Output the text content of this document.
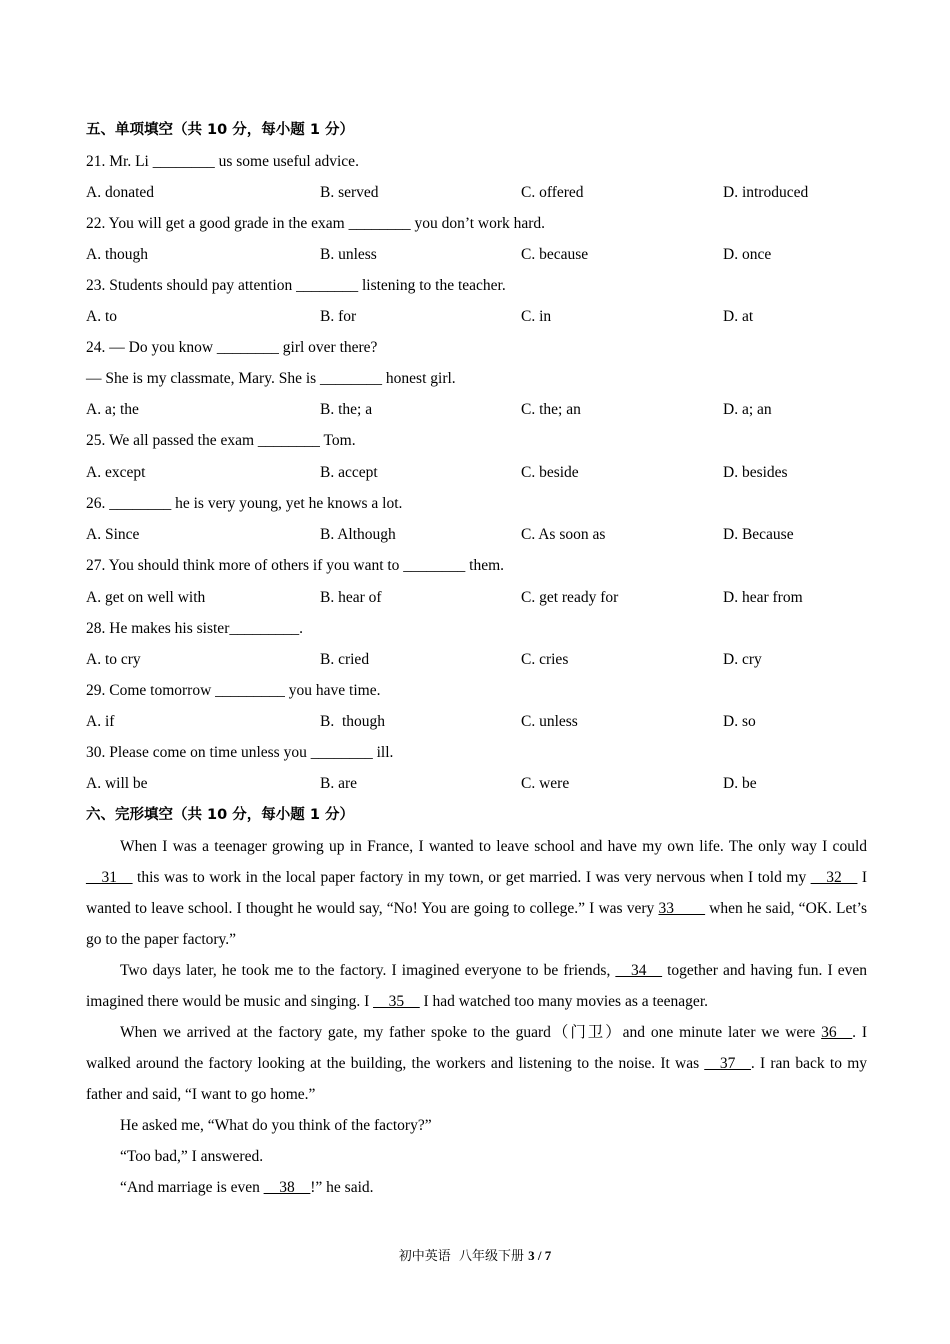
五、单项填空（共 10 分，每小题 1 分）
21. Mr. Li ________ us some useful advice.
A. donated	B. served	C. offered	D. introduced
22. You will get a good grade in the exam ________ you don’t work hard.
A. though	B. unless	C. because	D. once
23. Students should pay attention ________ listening to the teacher.
A. to	B. for	C. in	D. at
24. — Do you know ________ girl over there?
— She is my classmate, Mary. She is ________ honest girl.
A. a; the	B. the; a	C. the; an	D. a; an
25. We all passed the exam ________ Tom.
A. except	B. accept	C. beside	D. besides
26. ________ he is very young, yet he knows a lot.
A. Since	B. Although	C. As soon as	D. Because
27. You should think more of others if you want to ________ them.
A. get on well with	B. hear of	C. get ready for	D. hear from
28. He makes his sister_________.
A. to cry	B. cried	C. cries	D. cry
29. Come tomorrow _________ you have time.
A. if	B.  though	C. unless	D. so
30. Please come on time unless you ________ ill.
A. will be	B. are	C. were	D. be
六、完形填空（共 10 分，每小题 1 分）
When I was a teenager growing up in France, I wanted to leave school and have my own life. The only way I could __31__ this was to work in the local paper factory in my town, or get married. I was very nervous when I told my __32__ I wanted to leave school. I thought he would say, “No! You are going to college.” I was very 33____ when he said, “OK. Let’s go to the paper factory.”
Two days later, he took me to the factory. I imagined everyone to be friends, __34__ together and having fun. I even imagined there would be music and singing. I __35__ I had watched too many movies as a teenager.
When we arrived at the factory gate, my father spoke to the guard（门卫）and one minute later we were 36__. I walked around the factory looking at the building, the workers and listening to the noise. It was __37__. I ran back to my father and said, “I want to go home.”
He asked me, “What do you think of the factory?”
“Too bad,” I answered.
“And marriage is even __38__!” he said.
初中英语  八年级下册 3 / 7
